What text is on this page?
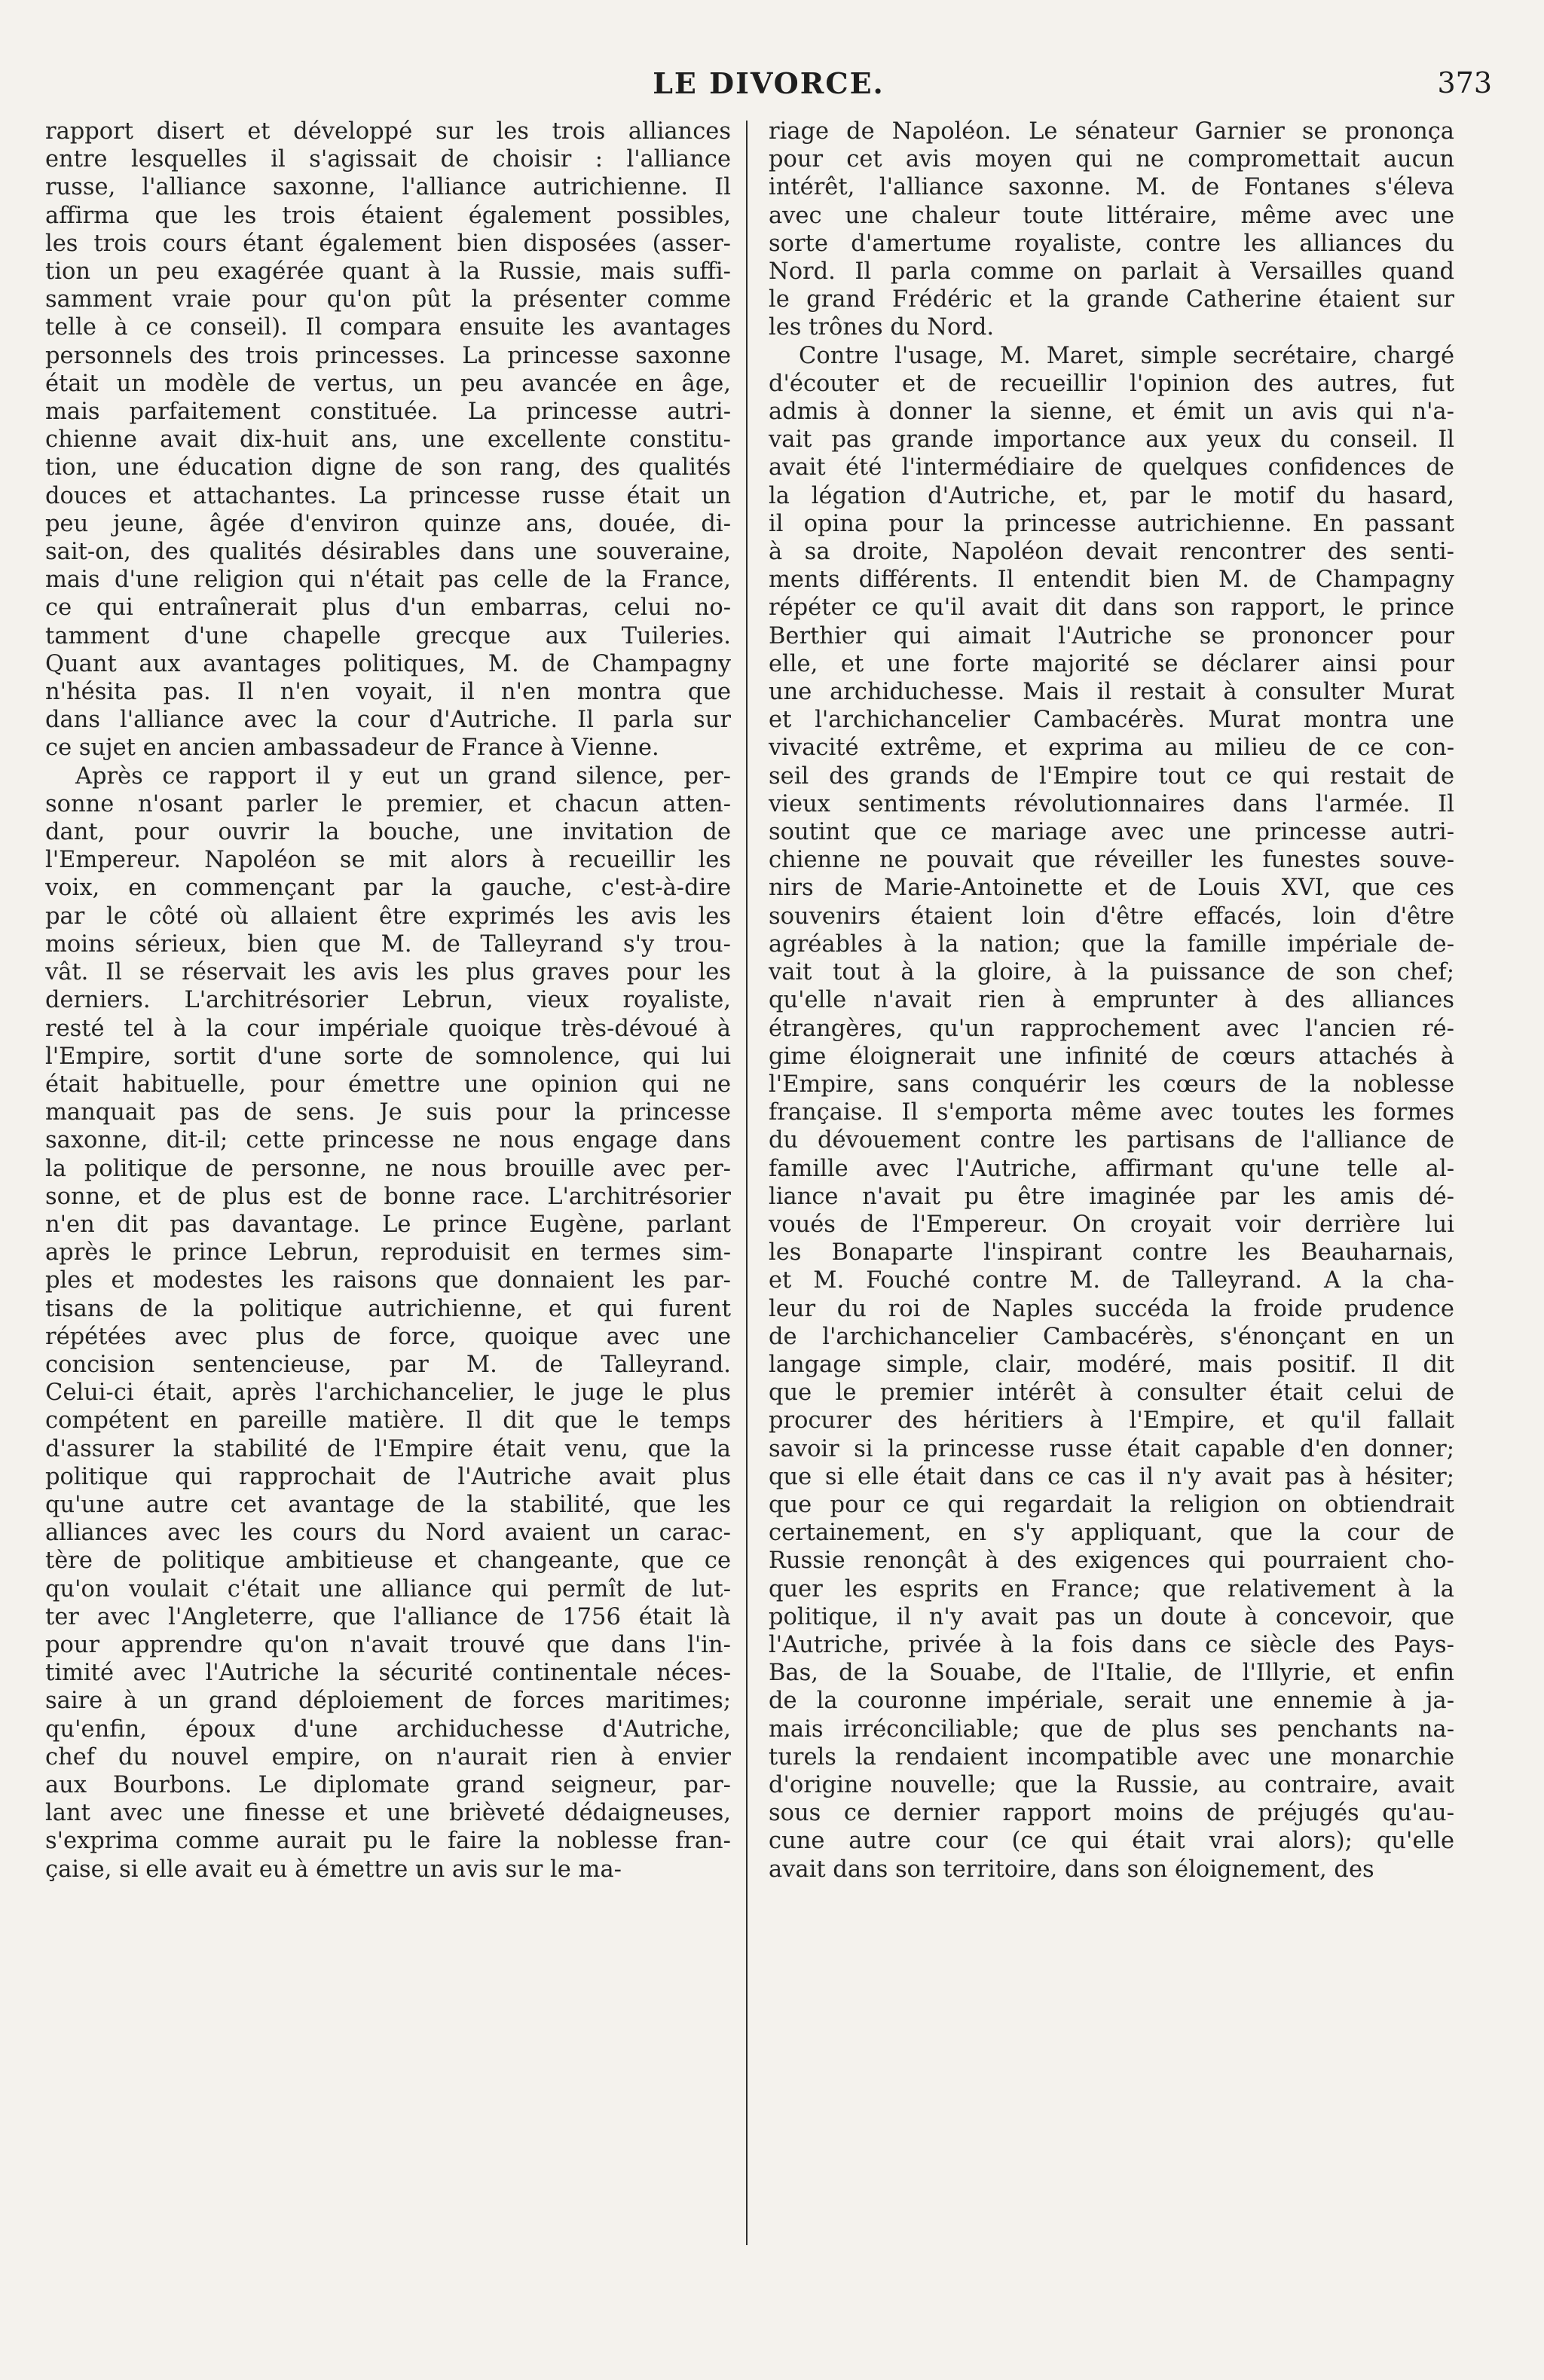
LE DIVORCE.	373
rapport disert et développé sur les trois alliances
entre lesquelles il s'agissait de choisir : l'alliance
russe, l'alliance saxonne, l'alliance autrichienne. Il
affirma que les trois étaient également possibles,
les trois cours étant également bien disposées (asser-
tion un peu exagérée quant à la Russie, mais suffi-
samment vraie pour qu'on pût la présenter comme
telle à ce conseil). Il compara ensuite les avantages
personnels des trois princesses. La princesse saxonne
était un modèle de vertus, un peu avancée en âge,
mais parfaitement constituée. La princesse autri-
chienne avait dix-huit ans, une excellente constitu-
tion, une éducation digne de son rang, des qualités
douces et attachantes. La princesse russe était un
peu jeune, âgée d'environ quinze ans, douée, di-
sait-on, des qualités désirables dans une souveraine,
mais d'une religion qui n'était pas celle de la France,
ce qui entraînerait plus d'un embarras, celui no-
tamment d'une chapelle grecque aux Tuileries.
Quant aux avantages politiques, M. de Champagny
n'hésita pas. Il n'en voyait, il n'en montra que
dans l'alliance avec la cour d'Autriche. Il parla sur
ce sujet en ancien ambassadeur de France à Vienne.
Après ce rapport il y eut un grand silence, per-
sonne n'osant parler le premier, et chacun atten-
dant, pour ouvrir la bouche, une invitation de
l'Empereur. Napoléon se mit alors à recueillir les
voix, en commençant par la gauche, c'est-à-dire
par le côté où allaient être exprimés les avis les
moins sérieux, bien que M. de Talleyrand s'y trou-
vât. Il se réservait les avis les plus graves pour les
derniers. L'architrésorier Lebrun, vieux royaliste,
resté tel à la cour impériale quoique très-dévoué à
l'Empire, sortit d'une sorte de somnolence, qui lui
était habituelle, pour émettre une opinion qui ne
manquait pas de sens. Je suis pour la princesse
saxonne, dit-il; cette princesse ne nous engage dans
la politique de personne, ne nous brouille avec per-
sonne, et de plus est de bonne race. L'architrésorier
n'en dit pas davantage. Le prince Eugène, parlant
après le prince Lebrun, reproduisit en termes sim-
ples et modestes les raisons que donnaient les par-
tisans de la politique autrichienne, et qui furent
répétées avec plus de force, quoique avec une
concision sentencieuse, par M. de Talleyrand.
Celui-ci était, après l'archichancelier, le juge le plus
compétent en pareille matière. Il dit que le temps
d'assurer la stabilité de l'Empire était venu, que la
politique qui rapprochait de l'Autriche avait plus
qu'une autre cet avantage de la stabilité, que les
alliances avec les cours du Nord avaient un carac-
tère de politique ambitieuse et changeante, que ce
qu'on voulait c'était une alliance qui permît de lut-
ter avec l'Angleterre, que l'alliance de 1756 était là
pour apprendre qu'on n'avait trouvé que dans l'in-
timité avec l'Autriche la sécurité continentale néces-
saire à un grand déploiement de forces maritimes;
qu'enfin, époux d'une archiduchesse d'Autriche,
chef du nouvel empire, on n'aurait rien à envier
aux Bourbons. Le diplomate grand seigneur, par-
lant avec une finesse et une brièveté dédaigneuses,
s'exprima comme aurait pu le faire la noblesse fran-
çaise, si elle avait eu à émettre un avis sur le ma-
riage de Napoléon. Le sénateur Garnier se prononça
pour cet avis moyen qui ne compromettait aucun
intérêt, l'alliance saxonne. M. de Fontanes s'éleva
avec une chaleur toute littéraire, même avec une
sorte d'amertume royaliste, contre les alliances du
Nord. Il parla comme on parlait à Versailles quand
le grand Frédéric et la grande Catherine étaient sur
les trônes du Nord.
Contre l'usage, M. Maret, simple secrétaire, chargé
d'écouter et de recueillir l'opinion des autres, fut
admis à donner la sienne, et émit un avis qui n'a-
vait pas grande importance aux yeux du conseil. Il
avait été l'intermédiaire de quelques confidences de
la légation d'Autriche, et, par le motif du hasard,
il opina pour la princesse autrichienne. En passant
à sa droite, Napoléon devait rencontrer des senti-
ments différents. Il entendit bien M. de Champagny
répéter ce qu'il avait dit dans son rapport, le prince
Berthier qui aimait l'Autriche se prononcer pour
elle, et une forte majorité se déclarer ainsi pour
une archiduchesse. Mais il restait à consulter Murat
et l'archichancelier Cambacérès. Murat montra une
vivacité extrême, et exprima au milieu de ce con-
seil des grands de l'Empire tout ce qui restait de
vieux sentiments révolutionnaires dans l'armée. Il
soutint que ce mariage avec une princesse autri-
chienne ne pouvait que réveiller les funestes souve-
nirs de Marie-Antoinette et de Louis XVI, que ces
souvenirs étaient loin d'être effacés, loin d'être
agréables à la nation; que la famille impériale de-
vait tout à la gloire, à la puissance de son chef;
qu'elle n'avait rien à emprunter à des alliances
étrangères, qu'un rapprochement avec l'ancien ré-
gime éloignerait une infinité de cœurs attachés à
l'Empire, sans conquérir les cœurs de la noblesse
française. Il s'emporta même avec toutes les formes
du dévouement contre les partisans de l'alliance de
famille avec l'Autriche, affirmant qu'une telle al-
liance n'avait pu être imaginée par les amis dé-
voués de l'Empereur. On croyait voir derrière lui
les Bonaparte l'inspirant contre les Beauharnais,
et M. Fouché contre M. de Talleyrand. A la cha-
leur du roi de Naples succéda la froide prudence
de l'archichancelier Cambacérès, s'énonçant en un
langage simple, clair, modéré, mais positif. Il dit
que le premier intérêt à consulter était celui de
procurer des héritiers à l'Empire, et qu'il fallait
savoir si la princesse russe était capable d'en donner;
que si elle était dans ce cas il n'y avait pas à hésiter;
que pour ce qui regardait la religion on obtiendrait
certainement, en s'y appliquant, que la cour de
Russie renonçât à des exigences qui pourraient cho-
quer les esprits en France; que relativement à la
politique, il n'y avait pas un doute à concevoir, que
l'Autriche, privée à la fois dans ce siècle des Pays-
Bas, de la Souabe, de l'Italie, de l'Illyrie, et enfin
de la couronne impériale, serait une ennemie à ja-
mais irréconciliable; que de plus ses penchants na-
turels la rendaient incompatible avec une monarchie
d'origine nouvelle; que la Russie, au contraire, avait
sous ce dernier rapport moins de préjugés qu'au-
cune autre cour (ce qui était vrai alors); qu'elle
avait dans son territoire, dans son éloignement, des
